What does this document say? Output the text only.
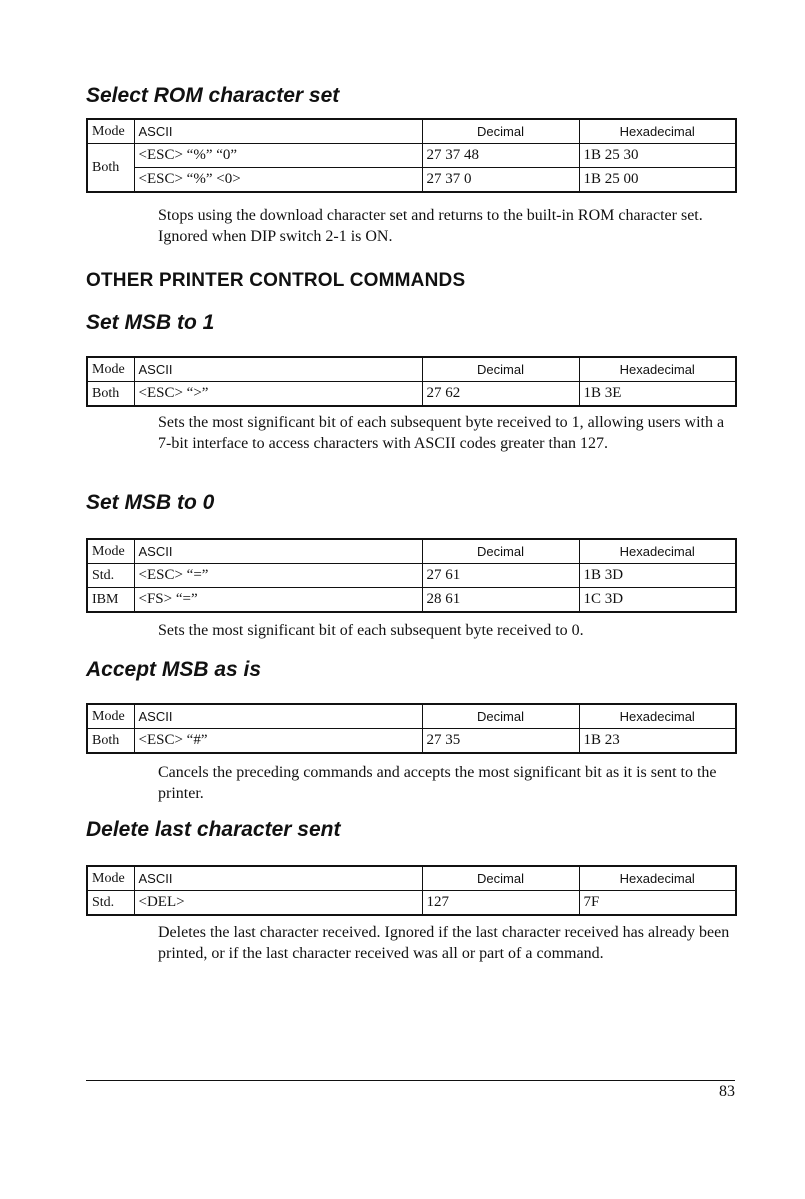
Select ROM character set
Mode	ASCII	Decimal	Hexadecimal
Both	<ESC> “%” “0”	27 37 48	1B 25 30
	<ESC> “%” <0>	27 37 0	1B 25 00
Stops using the download character set and returns to the built-in ROM character set. Ignored when DIP switch 2-1 is ON.
OTHER PRINTER CONTROL COMMANDS
Set MSB to 1
Mode	ASCII	Decimal	Hexadecimal
Both	<ESC> “>”	27 62	1B 3E
Sets the most significant bit of each subsequent byte received to 1, allowing users with a 7-bit interface to access characters with ASCII codes greater than 127.
Set MSB to 0
Mode	ASCII	Decimal	Hexadecimal
Std.	<ESC> “=”	27 61	1B 3D
IBM	<FS> “=”	28 61	1C 3D
Sets the most significant bit of each subsequent byte received to 0.
Accept MSB as is
Mode	ASCII	Decimal	Hexadecimal
Both	<ESC> “#”	27 35	1B 23
Cancels the preceding commands and accepts the most significant bit as it is sent to the printer.
Delete last character sent
Mode	ASCII	Decimal	Hexadecimal
Std.	<DEL>	127	7F
Deletes the last character received. Ignored if the last character received has already been printed, or if the last character received was all or part of a command.
83
